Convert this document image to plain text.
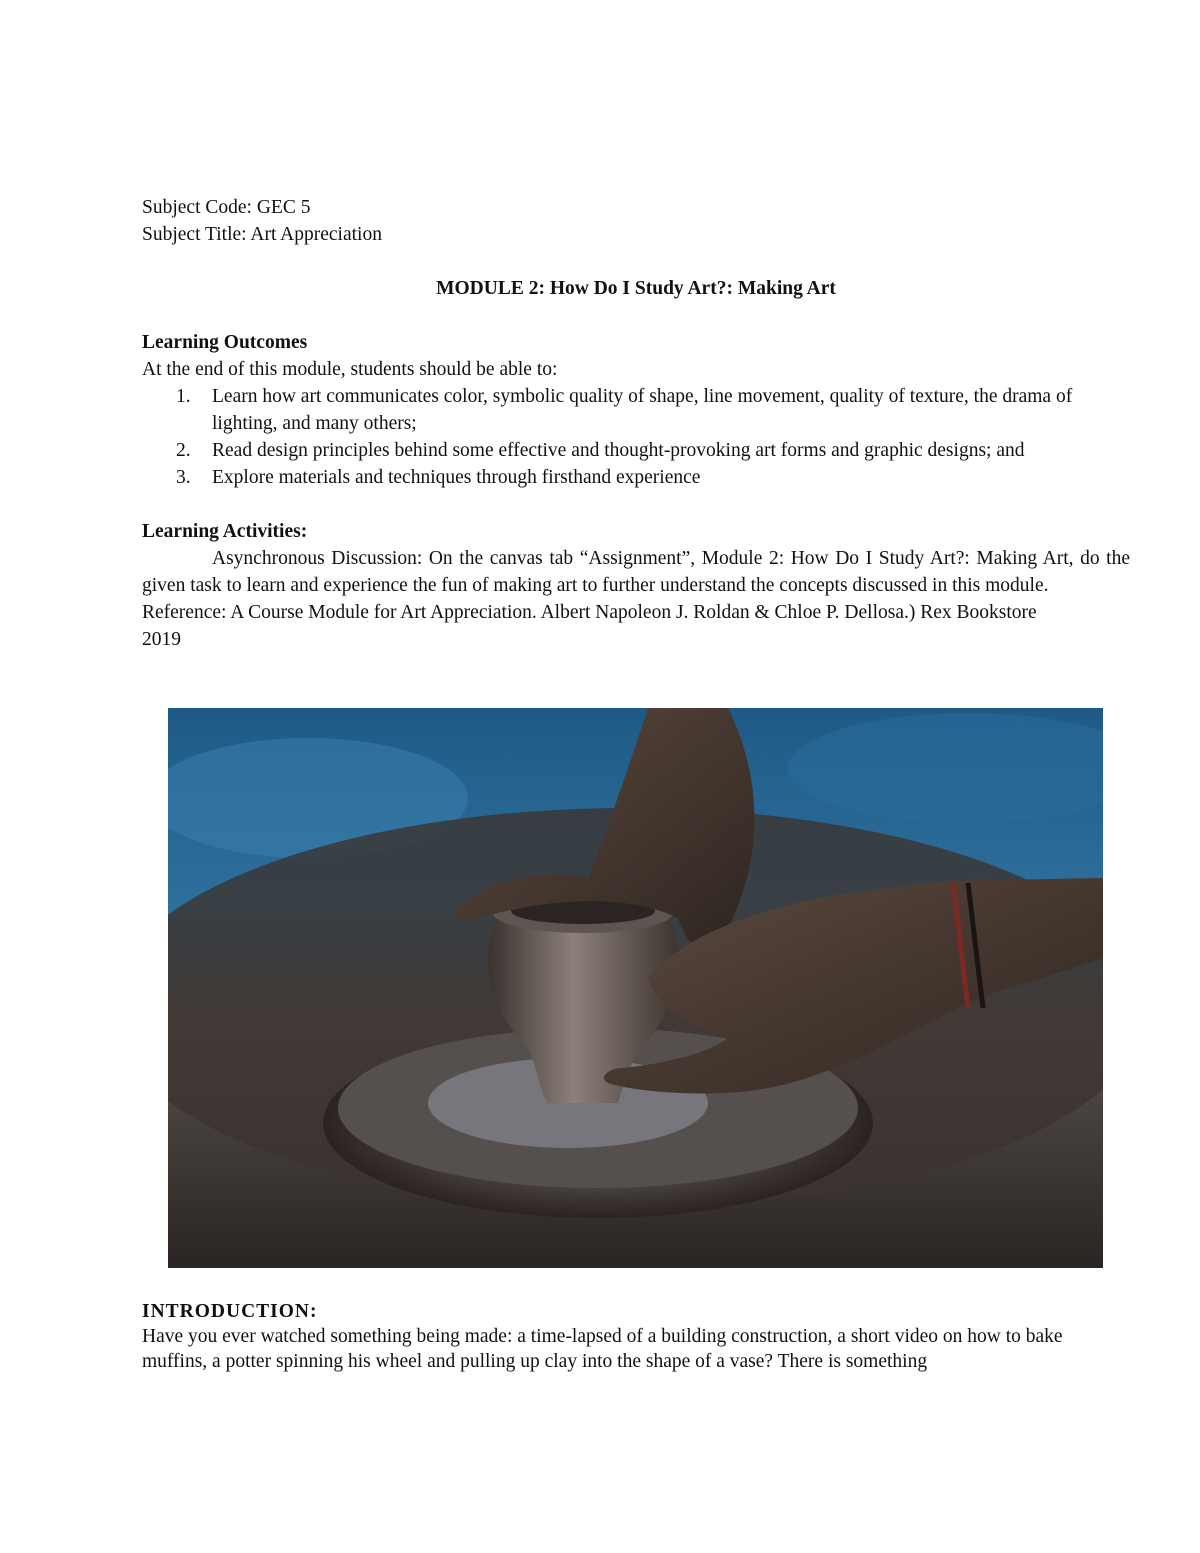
Subject Code: GEC 5

Subject Title: Art Appreciation

MODULE 2: How Do I Study Art?: Making Art

Learning Outcomes

At the end of this module, students should be able to:

1. Learn how art communicates color, symbolic quality of shape, line movement, quality of texture, the drama of lighting, and many others;
2. Read design principles behind some effective and thought-provoking art forms and graphic designs; and
3. Explore materials and techniques through firsthand experience

Learning Activities:

Asynchronous Discussion: On the canvas tab “Assignment”, Module 2: How Do I Study Art?: Making Art, do the given task to learn and experience the fun of making art to further understand the concepts discussed in this module.

Reference: A Course Module for Art Appreciation. Albert Napoleon J. Roldan & Chloe P. Dellosa.) Rex Bookstore 2019

INTRODUCTION:

Have you ever watched something being made: a time-lapsed of a building construction, a short video on how to bake muffins, a potter spinning his wheel and pulling up clay into the shape of a vase? There is something
